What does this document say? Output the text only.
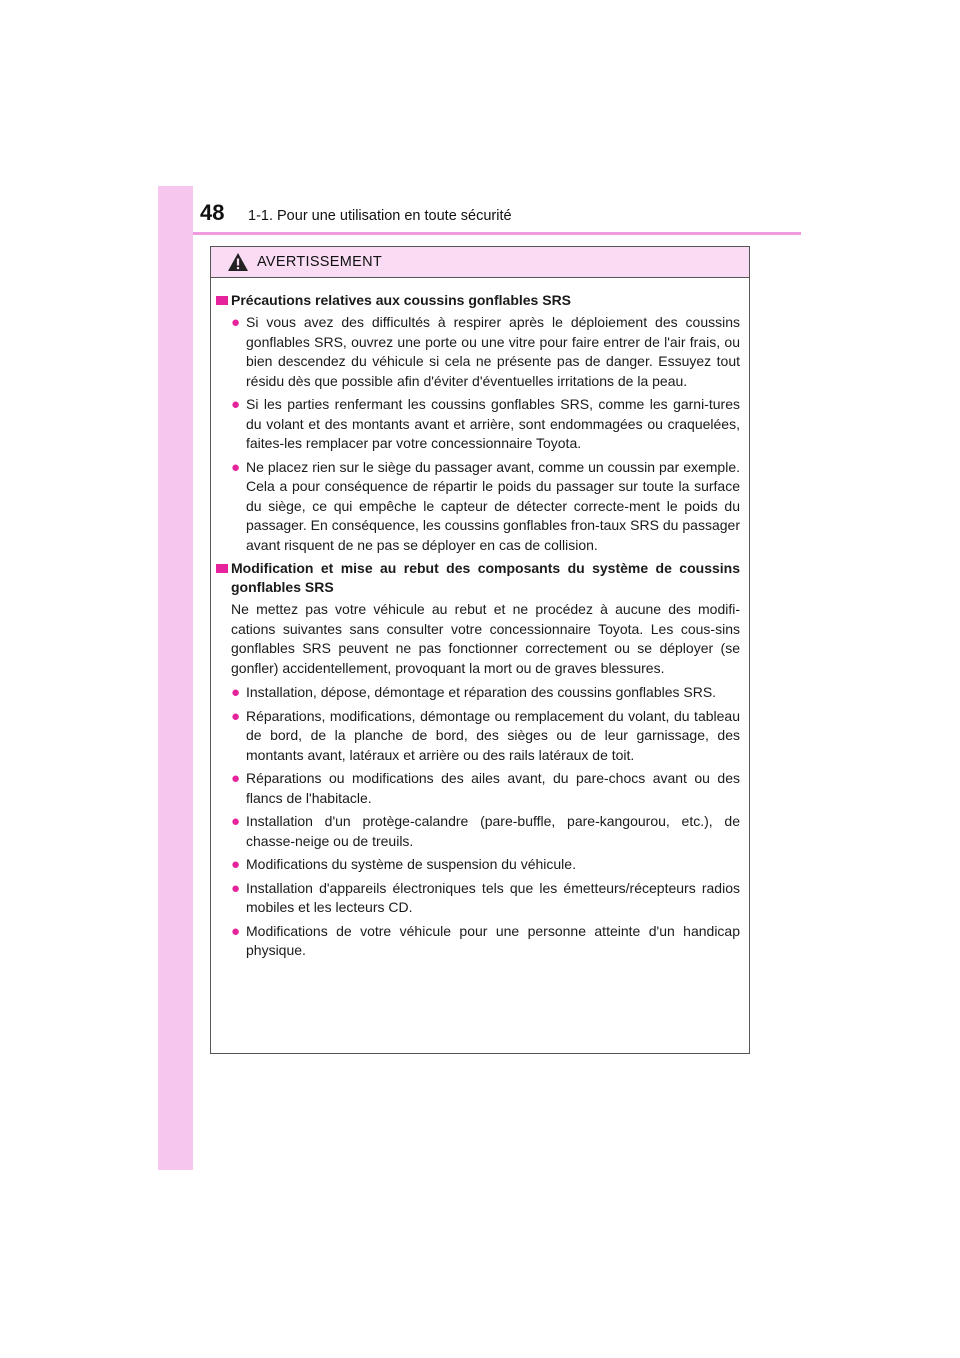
48 1-1. Pour une utilisation en toute sécurité
AVERTISSEMENT
Précautions relatives aux coussins gonflables SRS
● Si vous avez des difficultés à respirer après le déploiement des coussins gonflables SRS, ouvrez une porte ou une vitre pour faire entrer de l'air frais, ou bien descendez du véhicule si cela ne présente pas de danger. Essuyez tout résidu dès que possible afin d'éviter d'éventuelles irritations de la peau.
● Si les parties renfermant les coussins gonflables SRS, comme les garni-tures du volant et des montants avant et arrière, sont endommagées ou craquelées, faites-les remplacer par votre concessionnaire Toyota.
● Ne placez rien sur le siège du passager avant, comme un coussin par exemple. Cela a pour conséquence de répartir le poids du passager sur toute la surface du siège, ce qui empêche le capteur de détecter correcte-ment le poids du passager. En conséquence, les coussins gonflables fron-taux SRS du passager avant risquent de ne pas se déployer en cas de collision.
Modification et mise au rebut des composants du système de coussins gonflables SRS
Ne mettez pas votre véhicule au rebut et ne procédez à aucune des modifi-cations suivantes sans consulter votre concessionnaire Toyota. Les cous-sins gonflables SRS peuvent ne pas fonctionner correctement ou se déployer (se gonfler) accidentellement, provoquant la mort ou de graves blessures.
● Installation, dépose, démontage et réparation des coussins gonflables SRS.
● Réparations, modifications, démontage ou remplacement du volant, du tableau de bord, de la planche de bord, des sièges ou de leur garnissage, des montants avant, latéraux et arrière ou des rails latéraux de toit.
● Réparations ou modifications des ailes avant, du pare-chocs avant ou des flancs de l'habitacle.
● Installation d'un protège-calandre (pare-buffle, pare-kangourou, etc.), de chasse-neige ou de treuils.
● Modifications du système de suspension du véhicule.
● Installation d'appareils électroniques tels que les émetteurs/récepteurs radios mobiles et les lecteurs CD.
● Modifications de votre véhicule pour une personne atteinte d'un handicap physique.
